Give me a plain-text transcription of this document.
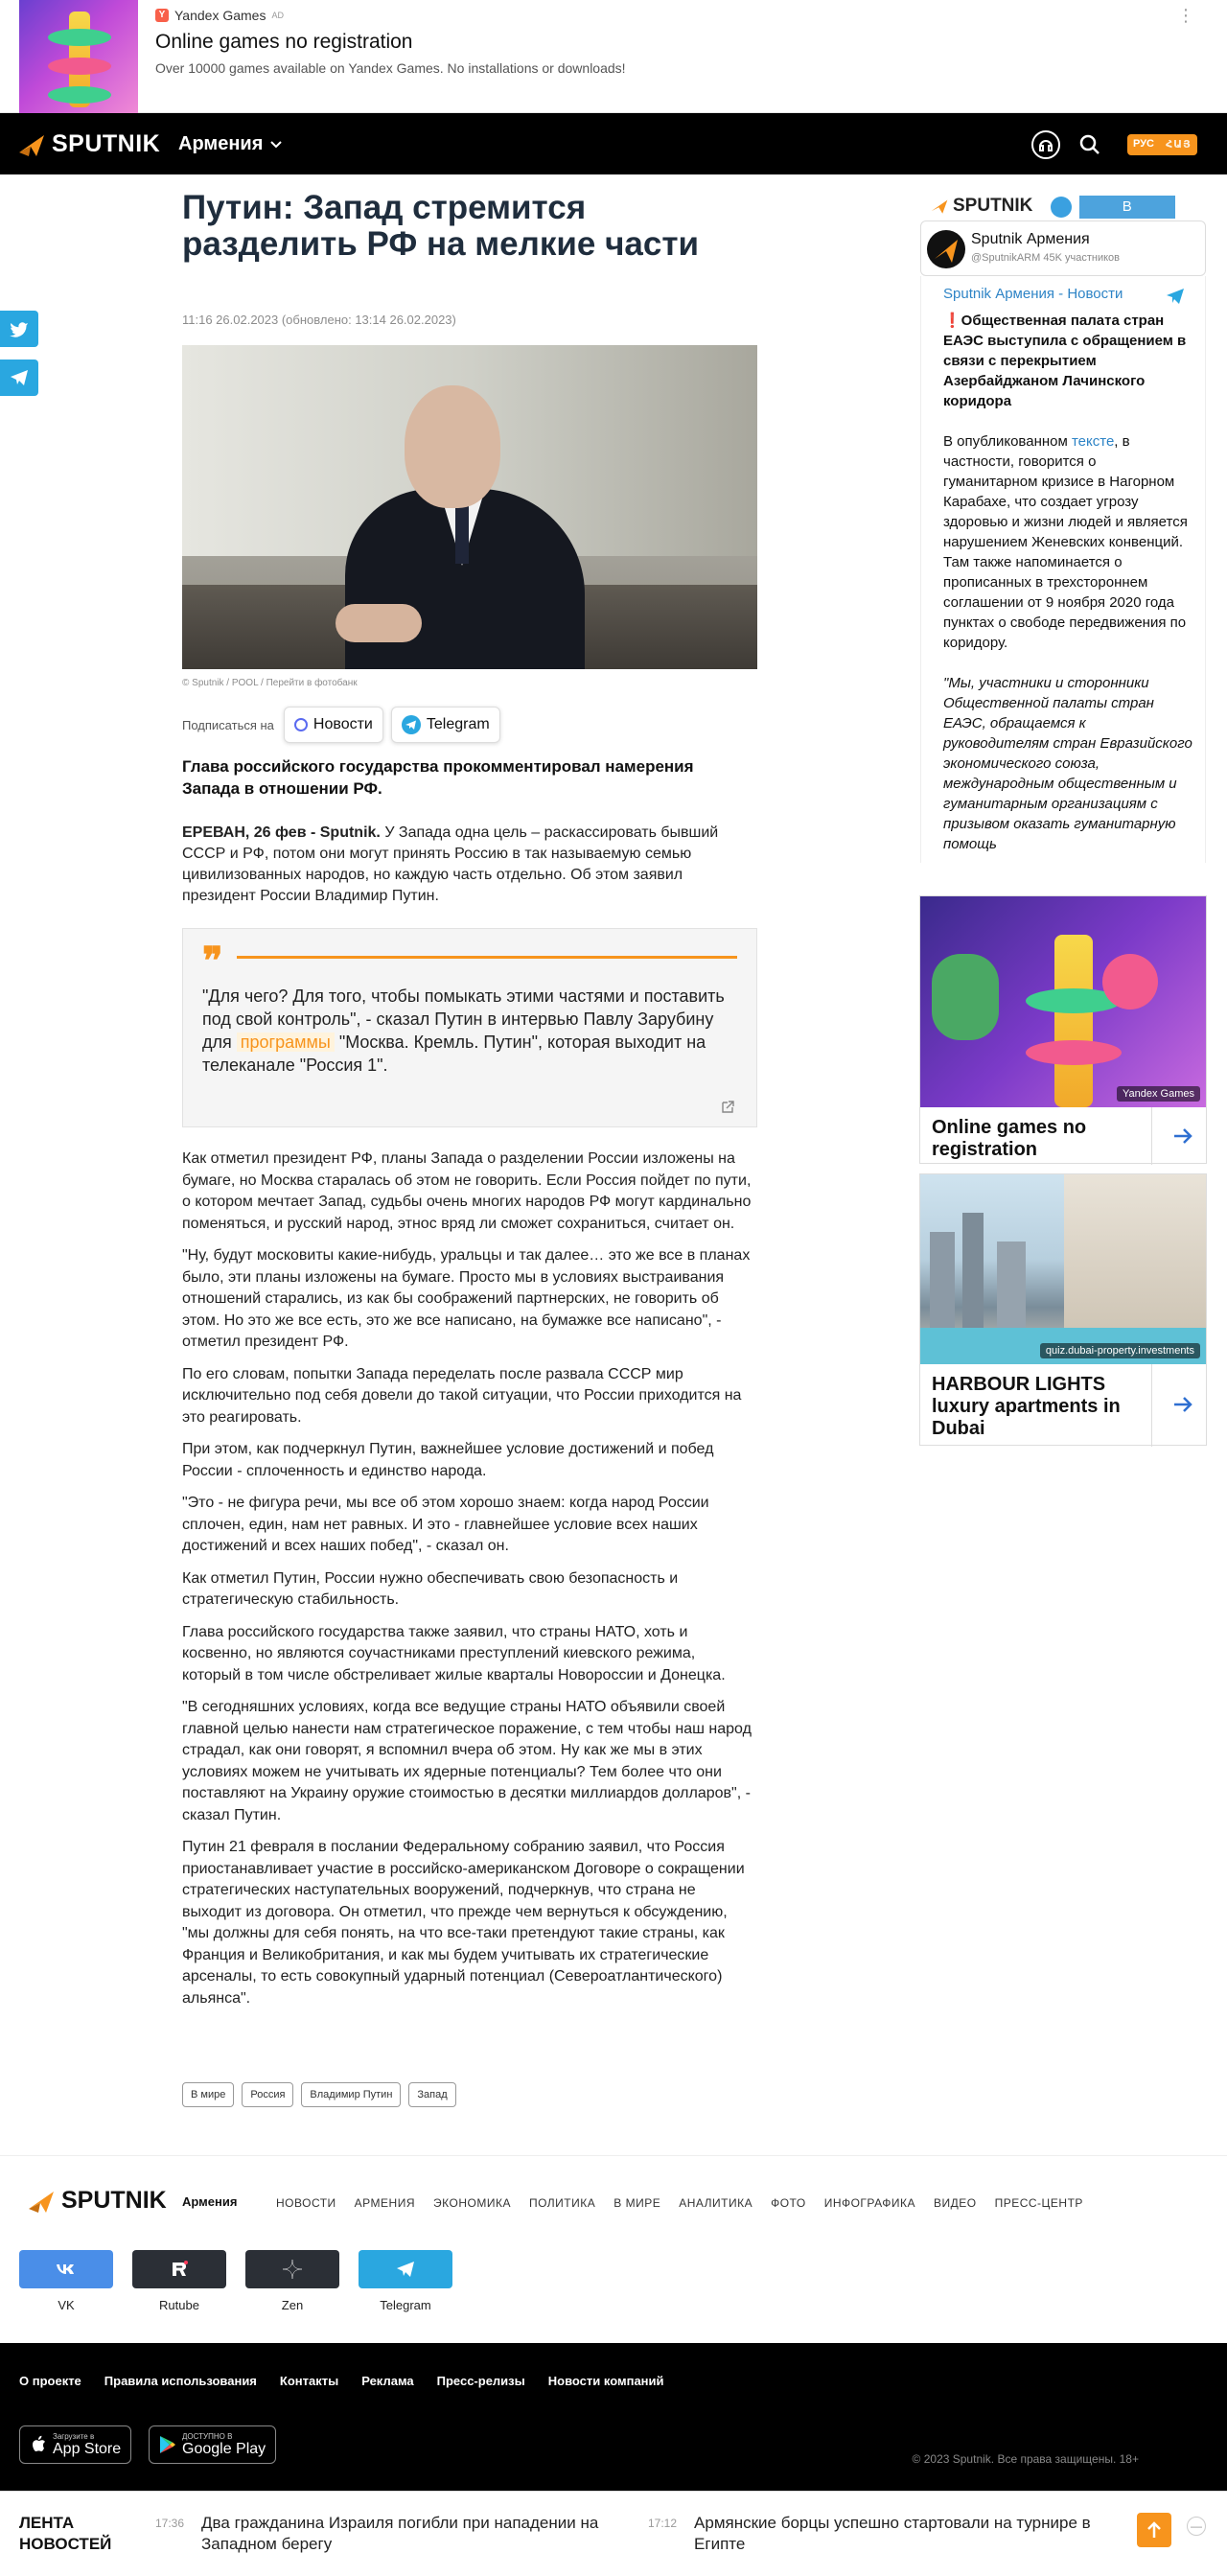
Y Yandex Games AD
Online games no registration
Over 10000 games available on Yandex Games. No installations or downloads!
⋮
SPUTNIK Армения	РУС	ՀԱՅ
Путин: Запад стремится разделить РФ на мелкие части
11:16 26.02.2023 (обновлено: 13:14 26.02.2023)
© Sputnik / POOL / Перейти в фотобанк
Подписаться на	Новости	Telegram
Глава российского государства прокомментировал намерения Запада в отношении РФ.
ЕРЕВАН, 26 фев - Sputnik. У Запада одна цель – раскассировать бывший СССР и РФ, потом они могут принять Россию в так называемую семью цивилизованных народов, но каждую часть отдельно. Об этом заявил президент России Владимир Путин.
❞
"Для чего? Для того, чтобы помыкать этими частями и поставить под свой контроль", - сказал Путин в интервью Павлу Зарубину для программы "Москва. Кремль. Путин", которая выходит на телеканале "Россия 1".

Как отметил президент РФ, планы Запада о разделении России изложены на бумаге, но Москва старалась об этом не говорить. Если Россия пойдет по пути, о котором мечтает Запад, судьбы очень многих народов РФ могут кардинально поменяться, и русский народ, этнос вряд ли сможет сохраниться, считает он.

"Ну, будут московиты какие-нибудь, уральцы и так далее… это же все в планах было, эти планы изложены на бумаге. Просто мы в условиях выстраивания отношений старались, из как бы соображений партнерских, не говорить об этом. Но это же все есть, это же все написано, на бумажке все написано", - отметил президент РФ.

По его словам, попытки Запада переделать после развала СССР мир исключительно под себя довели до такой ситуации, что России приходится на это реагировать.

При этом, как подчеркнул Путин, важнейшее условие достижений и побед России - сплоченность и единство народа.

"Это - не фигура речи, мы все об этом хорошо знаем: когда народ России сплочен, един, нам нет равных. И это - главнейшее условие всех наших достижений и всех наших побед", - сказал он.

Как отметил Путин, России нужно обеспечивать свою безопасность и стратегическую стабильность.

Глава российского государства также заявил, что страны НАТО, хоть и косвенно, но являются соучастниками преступлений киевского режима, который в том числе обстреливает жилые кварталы Новороссии и Донецка.

"В сегодняшних условиях, когда все ведущие страны НАТО объявили своей главной целью нанести нам стратегическое поражение, с тем чтобы наш народ страдал, как они говорят, я вспомнил вчера об этом. Ну как же мы в этих условиях можем не учитывать их ядерные потенциалы? Тем более что они поставляют на Украину оружие стоимостью в десятки миллиардов долларов", - сказал Путин.

Путин 21 февраля в послании Федеральному собранию заявил, что Россия приостанавливает участие в российско-американском Договоре о сокращении стратегических наступательных вооружений, подчеркнув, что страна не выходит из договора. Он отметил, что прежде чем вернуться к обсуждению, "мы должны для себя понять, на что все-таки претендуют такие страны, как Франция и Великобритания, и как мы будем учитывать их стратегические арсеналы, то есть совокупный ударный потенциал (Североатлантического) альянса".

В мире	Россия	Владимир Путин	Запад
SPUTNIK	В
Sputnik Армения
@SputnikARM 45K участников
Sputnik Армения - Новости

❗Общественная палата стран ЕАЭС выступила с обращением в связи с перекрытием Азербайджаном Лачинского коридора

В опубликованном тексте, в частности, говорится о гуманитарном кризисе в Нагорном Карабахе, что создает угрозу здоровью и жизни людей и является нарушением Женевских конвенций. Там также напоминается о прописанных в трехстороннем соглашении от 9 ноября 2020 года пунктах о свободе передвижения по коридору.

"Мы, участники и сторонники Общественной палаты стран ЕАЭС, обращаемся к руководителям стран Евразийского экономического союза, международным общественным и гуманитарным организациям с призывом оказать гуманитарную помощь

Yandex Games
Online games no registration
quiz.dubai-property.investments
HARBOUR LIGHTS luxury apartments in Dubai
SPUTNIK Армения	НОВОСТИ АРМЕНИЯ ЭКОНОМИКА ПОЛИТИКА В МИРЕ АНАЛИТИКА ФОТО ИНФОГРАФИКА ВИДЕО ПРЕСС-ЦЕНТР
VK	Rutube	Zen	Telegram
О проекте Правила использования Контакты Реклама Пресс-релизы Новости компаний
Загрузите в
App Store
ДОСТУПНО В
Google Play
© 2023 Sputnik. Все права защищены. 18+
ЛЕНТА НОВОСТЕЙ
17:36 Два гражданина Израиля погибли при нападении на Западном берегу
17:12 Армянские борцы успешно стартовали на турнире в Египте
—
